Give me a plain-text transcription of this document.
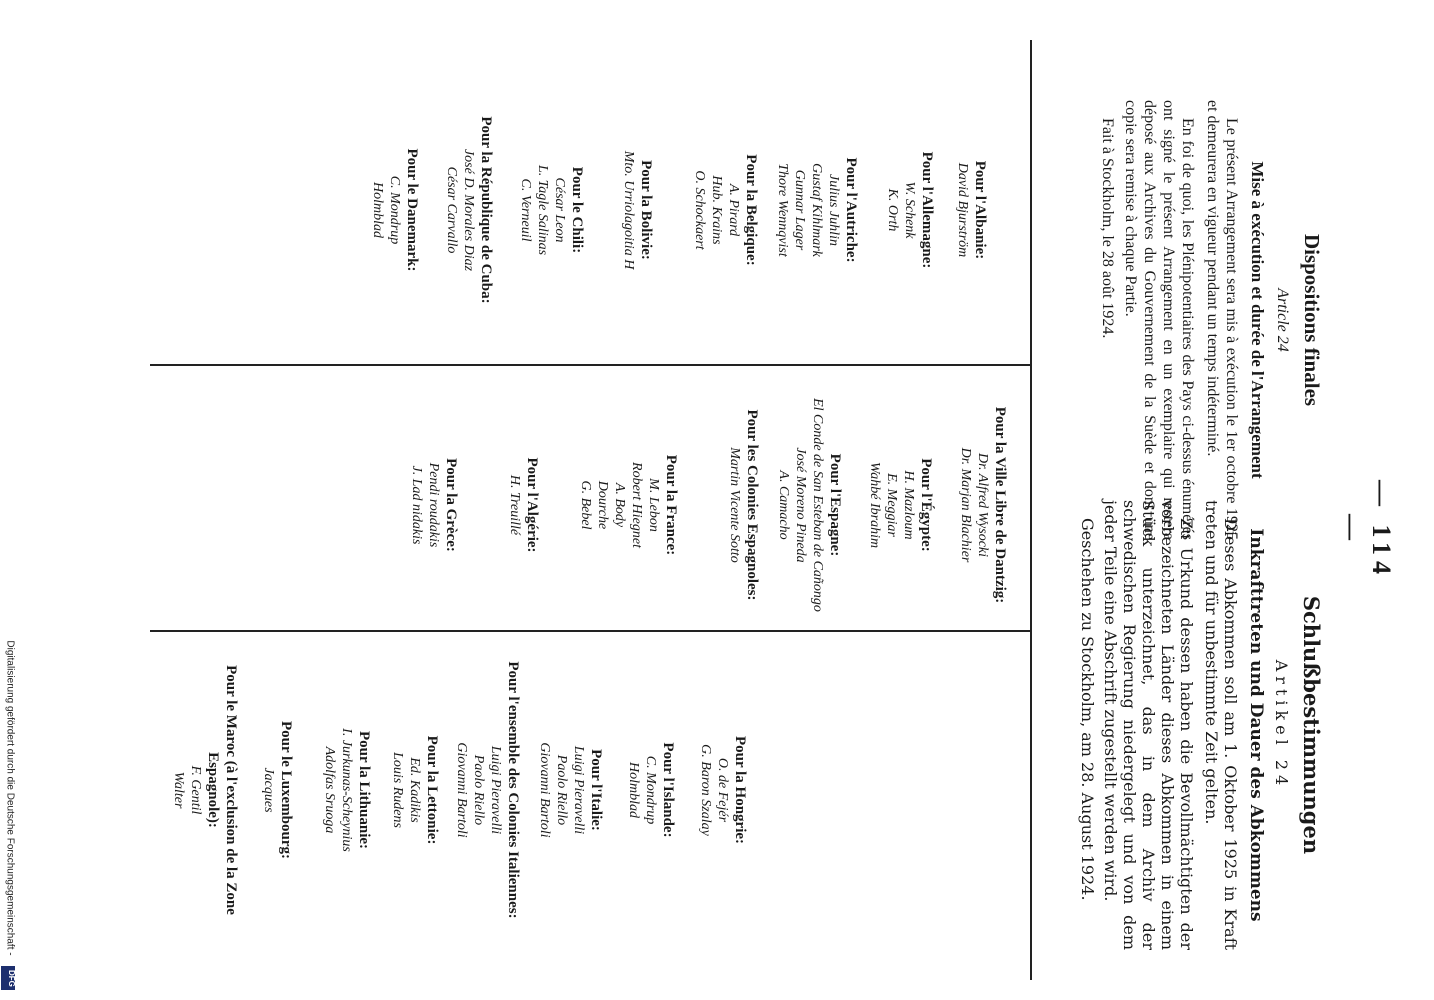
— 114 —

Dispositions finales

Article 24

Mise à exécution et durée de l'Arrangement

Le présent Arrangement sera mis à exécution le 1er octobre 1925 et demeurera en vigueur pendant un temps indéterminé.

En foi de quoi, les Plénipotentiaires des Pays ci-dessus énumérés ont signé le présent Arrangement en un exemplaire qui restera déposé aux Archives du Gouvernement de la Suède et dont une copie sera remise à chaque Partie.

Fait à Stockholm, le 28 août 1924.

Schlußbestimmungen

Artikel 24

Inkrafttreten und Dauer des Abkommens

Dieses Abkommen soll am 1. Oktober 1925 in Kraft treten und für unbestimmte Zeit gelten.

Zu Urkund dessen haben die Bevollmächtigten der vorbezeichneten Länder dieses Abkommen in einem Stück unterzeichnet, das in dem Archiv der schwedischen Regierung niedergelegt und von dem jeder Teile eine Abschrift zugestellt werden wird.

Geschehen zu Stockholm, am 28. August 1924.

Pour l'Albanie:

David Bjurström

Pour l'Allemagne:

W. Schenk

K. Orth

Pour l'Autriche:

Julius Juhlin

Gustaf Kihlmark

Gunnar Lager

Thore Wennqvist

Pour la Belgique:

A. Pirard

Hub. Krains

O. Schockaert

Pour la Bolivie:

Mto. Urriolagoitia H

Pour le Chili:

César Leon

L. Tagle Salinas

C. Verneuil

Pour la République de Cuba:

José D. Morales Diaz

César Carvallo

Pour le Danemark:

C. Mondrup

Holmblad

Pour la Ville Libre de Dantzig:

Dr. Alfred Wysocki

Dr. Marjan Blachier

Pour l'Égypte:

H. Mazloum

E. Meggiar

Wahbé Ibrahim

Pour l'Espagne:

El Conde de San Esteban de Cañongo

José Moreno Pineda

A. Camacho

Pour les Colonies Espagnoles:

Martin Vicente Sotto

Pour la France:

M. Lebon

Robert Hiegnet

A. Body

Dourche

G. Bebel

Pour l'Algérie:

H. Treuillé

Pour la Grèce:

Pendi roudakis

J. Lad nidakis

Pour la Hongrie:

O. de Fejér

G. Baron Szalay

Pour l'Islande:

C. Mondrup

Holmblad

Pour l'Italie:

Luigi Pieravelli

Paolo Riello

Giovanni Bartoli

Pour l'ensemble des Colonies Italiennes:

Luigi Pieravelli

Paolo Riello

Giovanni Bartoli

Pour la Lettonie:

Ed. Kadikis

Louis Rudens

Pour la Lithuanie:

I. Jurkunas-Scheynius

Adolfas Sruoga

Pour le Luxembourg:

Jacques

Pour le Maroc (à l'exclusion de la Zone Espagnole):

F. Gentil

Walter

Digitalisierung gefördert durch die Deutsche Forschungsgemeinschaft -
DFG
